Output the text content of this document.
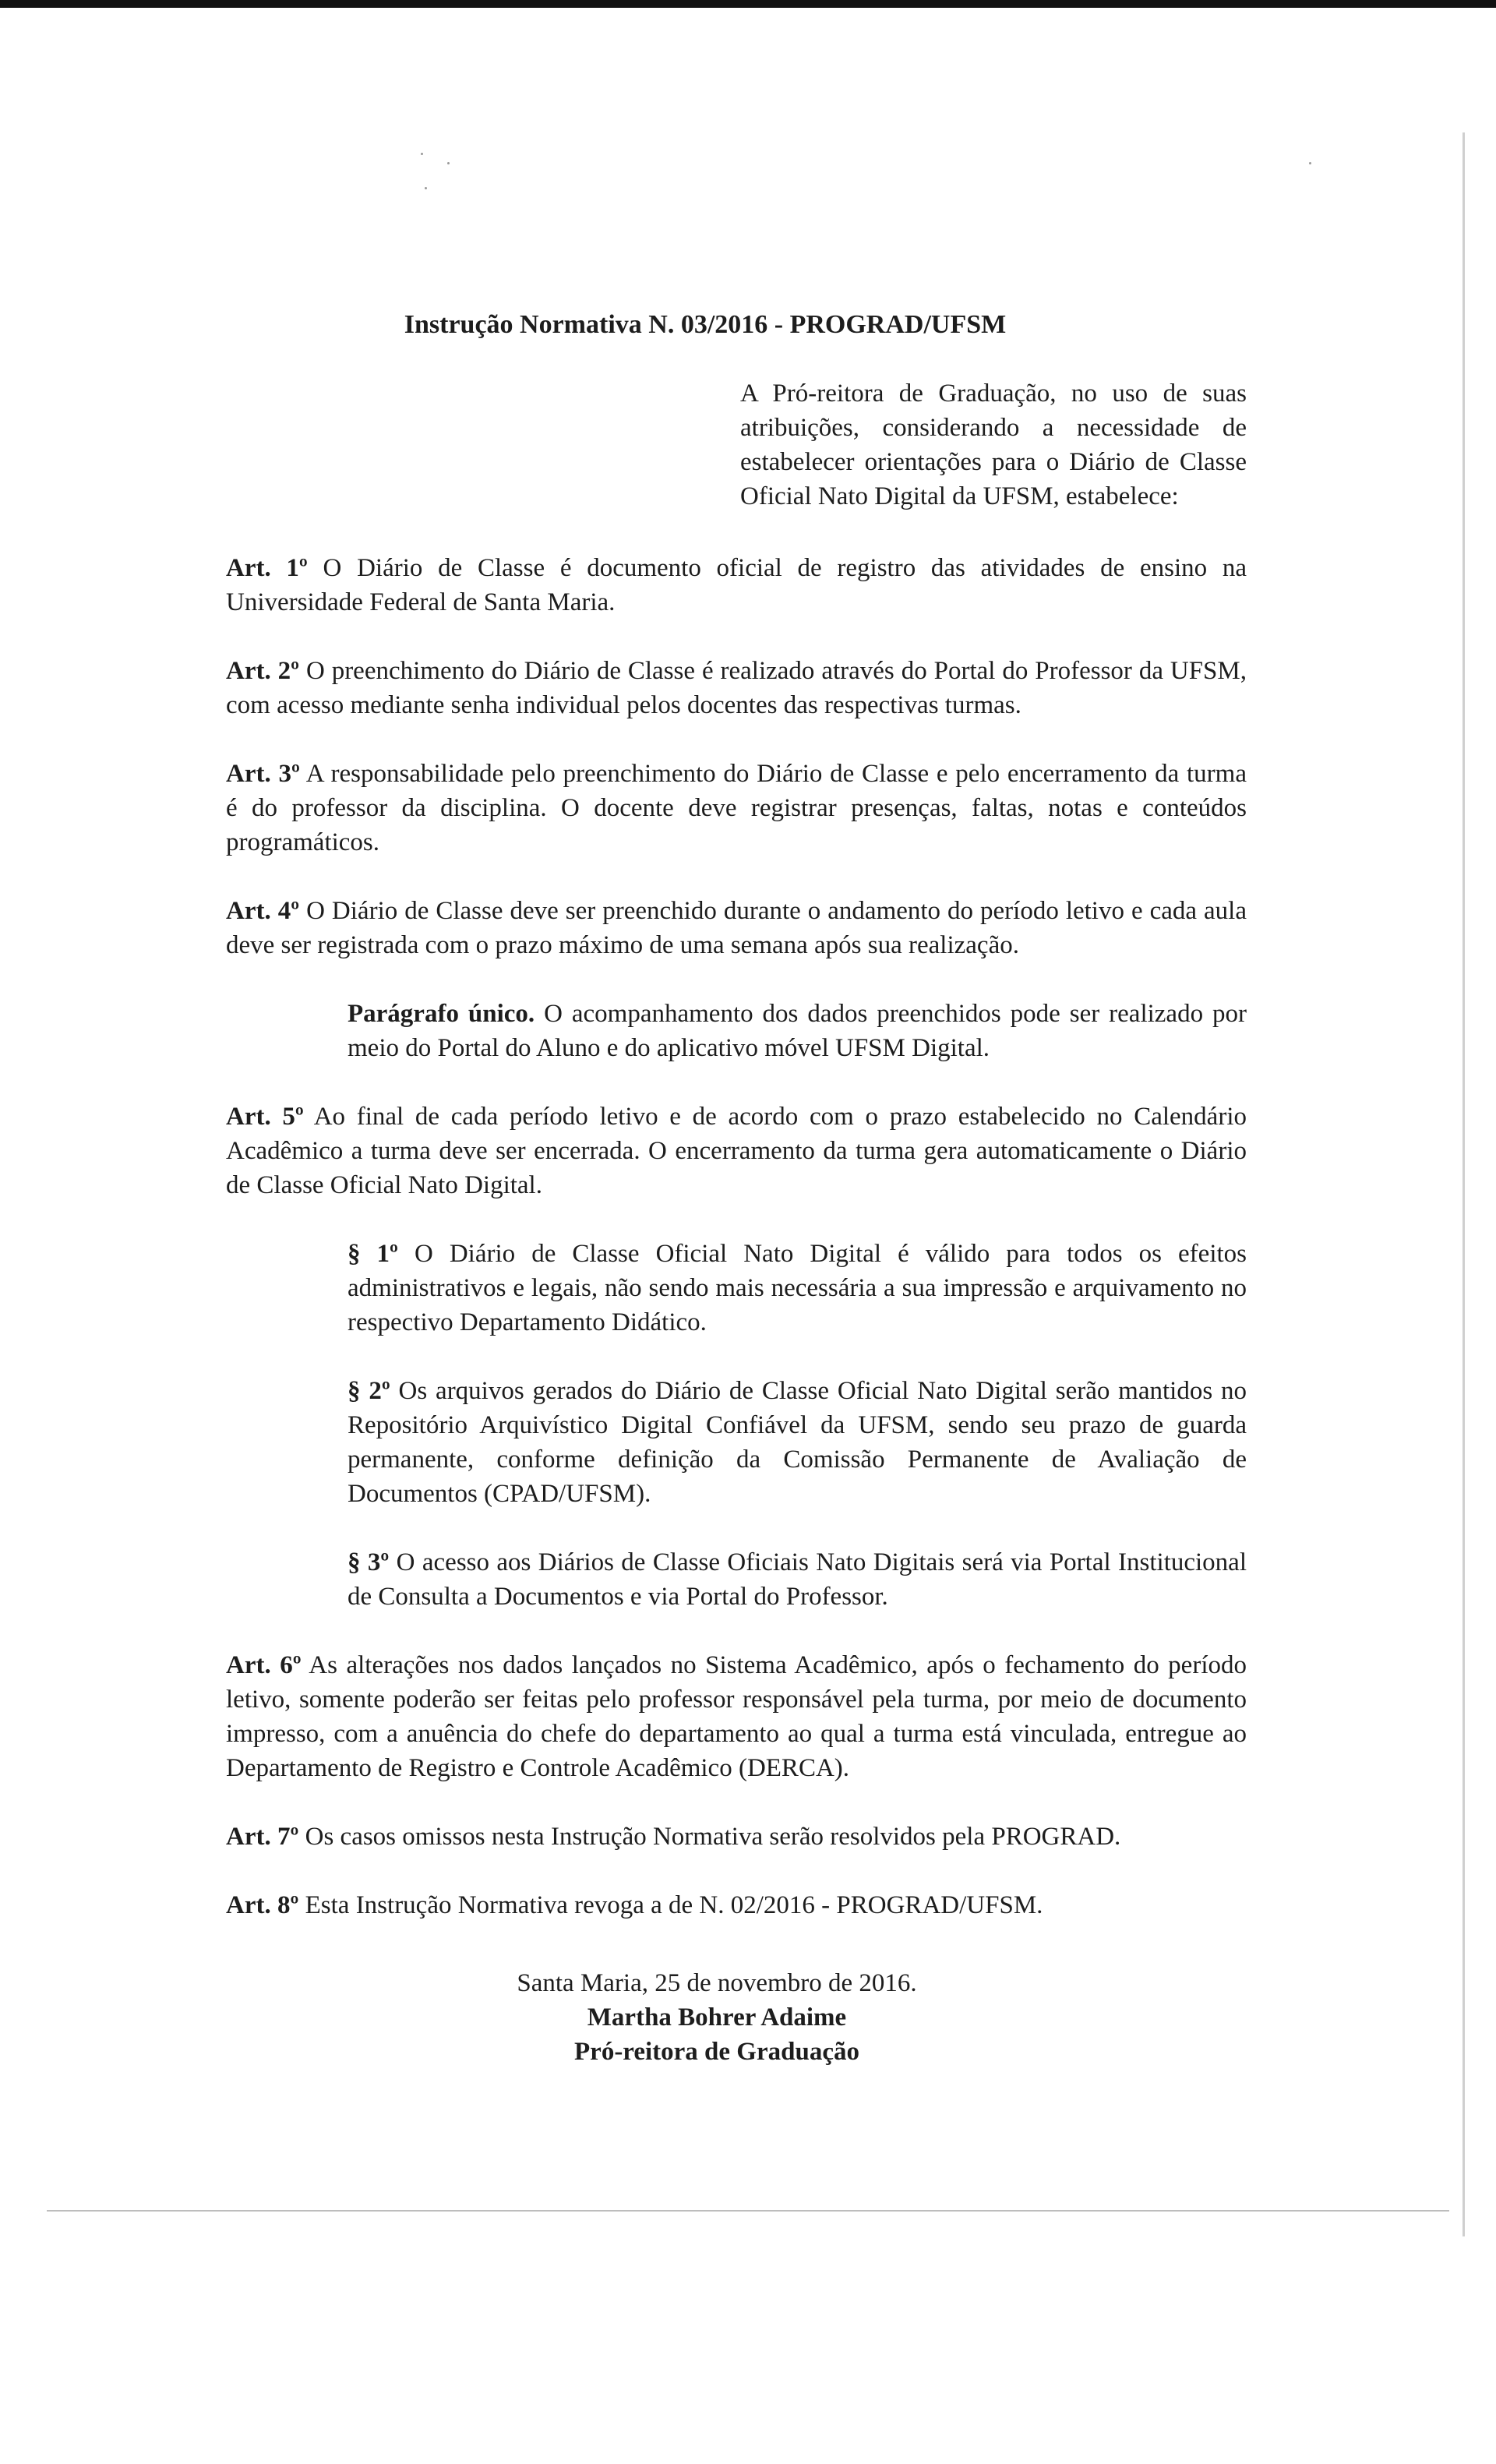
Instrução Normativa N. 03/2016 - PROGRAD/UFSM

A Pró-reitora de Graduação, no uso de suas atribuições, considerando a necessidade de estabelecer orientações para o Diário de Classe Oficial Nato Digital da UFSM, estabelece:

Art. 1º O Diário de Classe é documento oficial de registro das atividades de ensino na Universidade Federal de Santa Maria.

Art. 2º O preenchimento do Diário de Classe é realizado através do Portal do Professor da UFSM, com acesso mediante senha individual pelos docentes das respectivas turmas.

Art. 3º A responsabilidade pelo preenchimento do Diário de Classe e pelo encerramento da turma é do professor da disciplina. O docente deve registrar presenças, faltas, notas e conteúdos programáticos.

Art. 4º O Diário de Classe deve ser preenchido durante o andamento do período letivo e cada aula deve ser registrada com o prazo máximo de uma semana após sua realização.

Parágrafo único. O acompanhamento dos dados preenchidos pode ser realizado por meio do Portal do Aluno e do aplicativo móvel UFSM Digital.

Art. 5º Ao final de cada período letivo e de acordo com o prazo estabelecido no Calendário Acadêmico a turma deve ser encerrada. O encerramento da turma gera automaticamente o Diário de Classe Oficial Nato Digital.

§ 1º O Diário de Classe Oficial Nato Digital é válido para todos os efeitos administrativos e legais, não sendo mais necessária a sua impressão e arquivamento no respectivo Departamento Didático.

§ 2º Os arquivos gerados do Diário de Classe Oficial Nato Digital serão mantidos no Repositório Arquivístico Digital Confiável da UFSM, sendo seu prazo de guarda permanente, conforme definição da Comissão Permanente de Avaliação de Documentos (CPAD/UFSM).

§ 3º O acesso aos Diários de Classe Oficiais Nato Digitais será via Portal Institucional de Consulta a Documentos e via Portal do Professor.

Art. 6º As alterações nos dados lançados no Sistema Acadêmico, após o fechamento do período letivo, somente poderão ser feitas pelo professor responsável pela turma, por meio de documento impresso, com a anuência do chefe do departamento ao qual a turma está vinculada, entregue ao Departamento de Registro e Controle Acadêmico (DERCA).

Art. 7º Os casos omissos nesta Instrução Normativa serão resolvidos pela PROGRAD.

Art. 8º Esta Instrução Normativa revoga a de N. 02/2016 - PROGRAD/UFSM.

Santa Maria, 25 de novembro de 2016.

Martha Bohrer Adaime

Pró-reitora de Graduação
